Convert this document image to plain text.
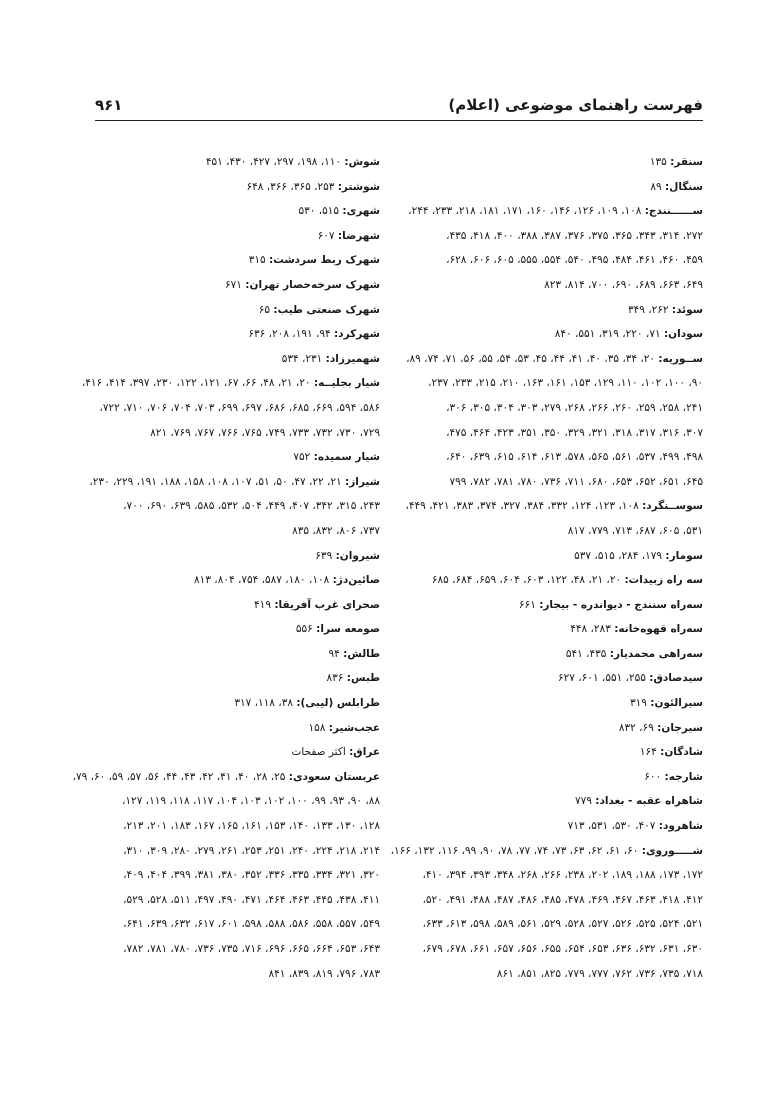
فهرست راهنمای موضوعی (اعلام)
۹۶۱
سنقر: ۱۳۵
سنگال: ۸۹
ســــــنندج: ۱۰۸، ۱۰۹، ۱۲۶، ۱۴۶، ۱۶۰، ۱۷۱، ۱۸۱، ۲۱۸، ۲۳۳، ۲۴۴،
۲۷۲، ۳۱۴، ۳۴۳، ۳۶۵، ۳۷۵، ۳۷۶، ۳۸۷، ۳۸۸، ۴۰۰، ۴۱۸، ۴۳۵،
۴۵۹، ۴۶۰، ۴۶۱، ۴۸۴، ۴۹۵، ۵۴۰، ۵۵۴، ۵۵۵، ۶۰۵، ۶۰۶، ۶۲۸،
۶۴۹، ۶۶۳، ۶۸۹، ۶۹۰، ۷۰۰، ۸۱۴، ۸۲۳
سوئد: ۲۶۲، ۳۴۹
سودان: ۷۱، ۲۲۰، ۳۱۹، ۵۵۱، ۸۴۰
ســوریه: ۲۰، ۳۴، ۳۵، ۴۰، ۴۱، ۴۴، ۴۵، ۵۳، ۵۴، ۵۵، ۵۶، ۷۱، ۷۴، ۸۹،
۹۰، ۱۰۰، ۱۰۲، ۱۱۰، ۱۲۹، ۱۵۳، ۱۶۱، ۱۶۳، ۲۱۰، ۲۱۵، ۲۳۳، ۲۳۷،
۲۴۱، ۲۵۸، ۲۵۹، ۲۶۰، ۲۶۶، ۲۶۸، ۲۷۹، ۳۰۳، ۳۰۴، ۳۰۵، ۳۰۶،
۳۰۷، ۳۱۶، ۳۱۷، ۳۱۸، ۳۲۱، ۳۲۹، ۳۵۰، ۳۵۱، ۴۲۳، ۴۶۴، ۴۷۵،
۴۹۸، ۴۹۹، ۵۳۷، ۵۶۱، ۵۶۵، ۵۷۸، ۶۱۳، ۶۱۴، ۶۱۵، ۶۳۹، ۶۴۰،
۶۴۵، ۶۵۱، ۶۵۲، ۶۵۳، ۶۸۰، ۷۱۱، ۷۳۶، ۷۸۰، ۷۸۱، ۷۸۲، ۷۹۹
سوســنگرد: ۱۰۸، ۱۲۳، ۱۲۴، ۳۳۲، ۳۸۴، ۳۲۷، ۳۷۴، ۳۸۳، ۴۲۱، ۴۴۹،
۵۳۱، ۶۰۵، ۶۸۷، ۷۱۳، ۷۷۹، ۸۱۷
سومار: ۱۷۹، ۲۸۴، ۵۱۵، ۵۳۷
سه راه زبیدات: ۲۰، ۲۱، ۴۸، ۱۲۲، ۶۰۳، ۶۰۴، ۶۵۹، ۶۸۴، ۶۸۵
سه‌راه سنندج - دیواندره - بیجار: ۶۶۱
سه‌راه قهوه‌خانه: ۲۸۳، ۴۴۸
سه‌راهی محمدیار: ۴۳۵، ۵۴۱
سیدصادق: ۲۵۵، ۵۵۱، ۶۰۱، ۶۲۷
سیرالئون: ۳۱۹
سیرجان: ۶۹، ۸۳۲
شادگان: ۱۶۴
شارجه: ۶۰۰
شاهراه عقبه - بغداد: ۷۷۹
شاهرود: ۴۰۷، ۵۳۰، ۵۳۱، ۷۱۳
شـــــوروی: ۶۰، ۶۱، ۶۲، ۶۳، ۷۳، ۷۴، ۷۷، ۷۸، ۹۰، ۹۹، ۱۱۶، ۱۳۲، ۱۶۶،
۱۷۲، ۱۷۳، ۱۸۸، ۱۸۹، ۲۰۲، ۲۳۸، ۲۶۶، ۲۶۸، ۳۴۸، ۳۹۳، ۳۹۴، ۴۱۰،
۴۱۲، ۴۱۸، ۴۶۳، ۴۶۷، ۴۶۹، ۴۷۸، ۴۸۵، ۴۸۶، ۴۸۷، ۴۸۸، ۴۹۱، ۵۲۰،
۵۲۱، ۵۲۴، ۵۲۵، ۵۲۶، ۵۲۷، ۵۲۸، ۵۲۹، ۵۶۱، ۵۸۹، ۵۹۸، ۶۱۳، ۶۳۳،
۶۳۰، ۶۳۱، ۶۳۲، ۶۳۶، ۶۵۳، ۶۵۴، ۶۵۵، ۶۵۶، ۶۵۷، ۶۶۱، ۶۷۸، ۶۷۹،
۷۱۸، ۷۳۵، ۷۳۶، ۷۶۲، ۷۷۷، ۷۷۹، ۸۲۵، ۸۵۱، ۸۶۱
شوش: ۱۱۰، ۱۹۸، ۲۹۷، ۴۲۷، ۴۳۰، ۴۵۱
شوشتر: ۲۵۳، ۳۶۵، ۳۶۶، ۶۴۸
شهری: ۵۱۵، ۵۳۰
شهرضا: ۶۰۷
شهرک ربط سردشت: ۳۱۵
شهرک سرخه‌حصار تهران: ۶۷۱
شهرک صنعتی طیب: ۶۵
شهرکرد: ۹۴، ۱۹۱، ۲۰۸، ۶۳۶
شهمیرزاد: ۲۳۱، ۵۳۴
شیار بجلیــه: ۲۰، ۲۱، ۴۸، ۶۶، ۶۷، ۱۲۱، ۱۲۲، ۲۳۰، ۳۹۷، ۴۱۴، ۴۱۶،
۵۸۶، ۵۹۴، ۶۶۹، ۶۸۵، ۶۸۶، ۶۹۷، ۶۹۹، ۷۰۳، ۷۰۴، ۷۰۶، ۷۱۰، ۷۲۲،
۷۲۹، ۷۳۰، ۷۳۲، ۷۳۳، ۷۴۹، ۷۶۵، ۷۶۶، ۷۶۷، ۷۶۹، ۸۲۱
شیار سمیده: ۷۵۲
شیراز: ۲۱، ۲۲، ۴۷، ۵۰، ۵۱، ۱۰۷، ۱۰۸، ۱۵۸، ۱۸۸، ۱۹۱، ۲۲۹، ۲۳۰،
۲۴۳، ۳۱۵، ۳۴۲، ۴۰۷، ۴۴۹، ۵۰۴، ۵۳۲، ۵۸۵، ۶۳۹، ۶۹۰، ۷۰۰،
۷۳۷، ۸۰۶، ۸۳۲، ۸۳۵
شیروان: ۶۳۹
صائین‌دژ: ۱۰۸، ۱۸۰، ۵۸۷، ۷۵۴، ۸۰۴، ۸۱۳
صحرای غرب آفریقا: ۴۱۹
صومعه سرا: ۵۵۶
طالش: ۹۴
طبس: ۸۳۶
طرابلس (لیبی): ۳۸، ۱۱۸، ۳۱۷
عجب‌شیر: ۱۵۸
عراق: اکثر صفحات
عربستان سعودی: ۲۵، ۲۸، ۴۰، ۴۱، ۴۲، ۴۳، ۴۴، ۵۶، ۵۷، ۵۹، ۶۰، ۷۹،
۸۸، ۹۰، ۹۳، ۹۹، ۱۰۰، ۱۰۲، ۱۰۳، ۱۰۴، ۱۱۷، ۱۱۸، ۱۱۹، ۱۲۷،
۱۲۸، ۱۳۰، ۱۳۳، ۱۴۰، ۱۵۳، ۱۶۱، ۱۶۵، ۱۶۷، ۱۸۳، ۲۰۱، ۲۱۳،
۲۱۴، ۲۱۸، ۲۲۴، ۲۴۰، ۲۵۱، ۲۵۳، ۲۶۱، ۲۷۹، ۲۸۰، ۳۰۹، ۳۱۰،
۳۲۰، ۳۲۱، ۳۳۴، ۳۳۵، ۳۳۶، ۳۵۲، ۳۸۰، ۳۸۱، ۳۹۹، ۴۰۴، ۴۰۹،
۴۱۱، ۴۳۸، ۴۴۵، ۴۶۳، ۴۶۴، ۴۷۱، ۴۹۰، ۴۹۷، ۵۱۱، ۵۲۸، ۵۲۹،
۵۴۹، ۵۵۷، ۵۵۸، ۵۸۶، ۵۸۸، ۵۹۸، ۶۰۱، ۶۱۷، ۶۳۲، ۶۳۹، ۶۴۱،
۶۴۳، ۶۵۳، ۶۶۴، ۶۶۵، ۶۹۶، ۷۱۶، ۷۳۵، ۷۳۶، ۷۸۰، ۷۸۱، ۷۸۲،
۷۸۳، ۷۹۶، ۸۱۹، ۸۳۹، ۸۴۱
